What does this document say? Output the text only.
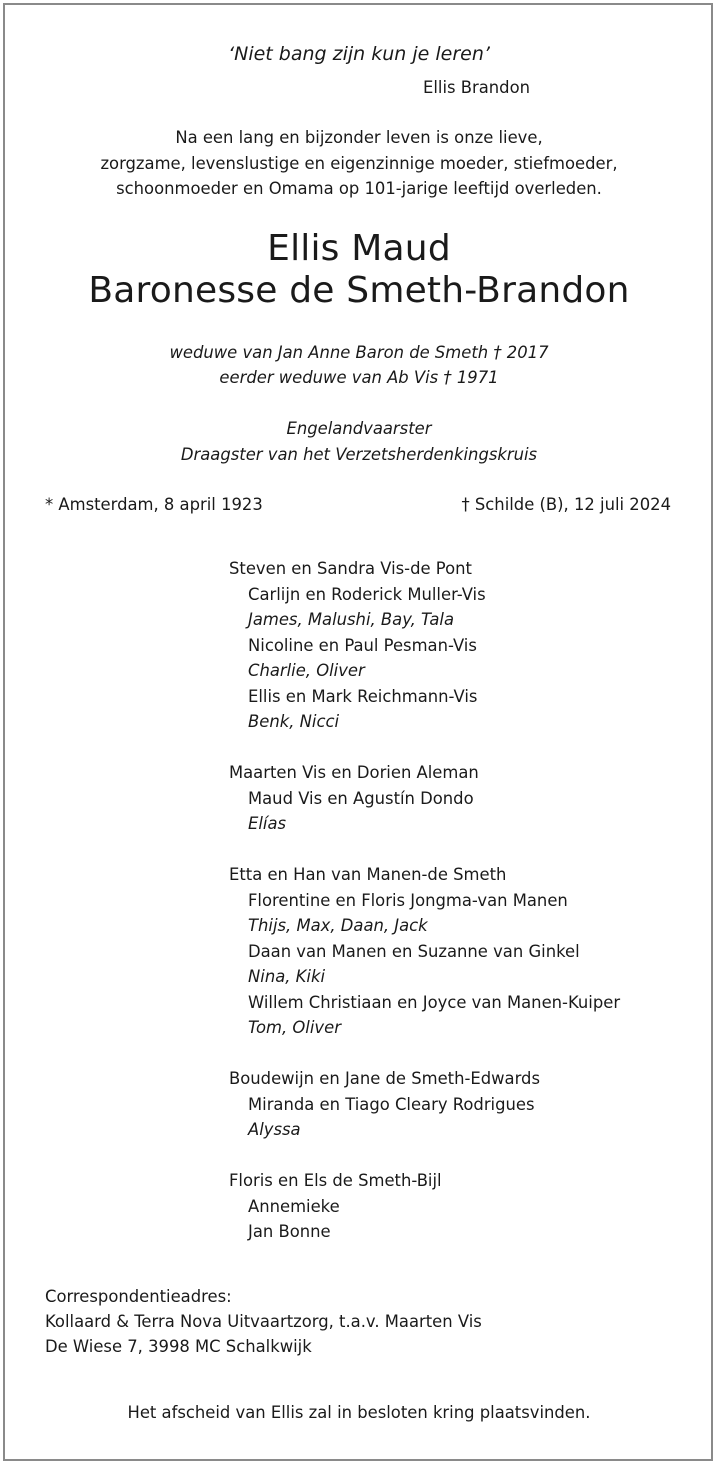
‘Niet bang zijn kun je leren’
Ellis Brandon
Na een lang en bijzonder leven is onze lieve,
zorgzame, levenslustige en eigenzinnige moeder, stiefmoeder,
schoonmoeder en Omama op 101-jarige leeftijd overleden.
Ellis Maud
Baronesse de Smeth-Brandon
weduwe van Jan Anne Baron de Smeth † 2017
eerder weduwe van Ab Vis † 1971
Engelandvaarster
Draagster van het Verzetsherdenkingskruis
* Amsterdam, 8 april 1923	† Schilde (B), 12 juli 2024
Steven en Sandra Vis-de Pont
Carlijn en Roderick Muller-Vis
James, Malushi, Bay, Tala
Nicoline en Paul Pesman-Vis
Charlie, Oliver
Ellis en Mark Reichmann-Vis
Benk, Nicci
Maarten Vis en Dorien Aleman
Maud Vis en Agustín Dondo
Elías
Etta en Han van Manen-de Smeth
Florentine en Floris Jongma-van Manen
Thijs, Max, Daan, Jack
Daan van Manen en Suzanne van Ginkel
Nina, Kiki
Willem Christiaan en Joyce van Manen-Kuiper
Tom, Oliver
Boudewijn en Jane de Smeth-Edwards
Miranda en Tiago Cleary Rodrigues
Alyssa
Floris en Els de Smeth-Bijl
Annemieke
Jan Bonne
Correspondentieadres:
Kollaard & Terra Nova Uitvaartzorg, t.a.v. Maarten Vis
De Wiese 7, 3998 MC Schalkwijk
Het afscheid van Ellis zal in besloten kring plaatsvinden.
